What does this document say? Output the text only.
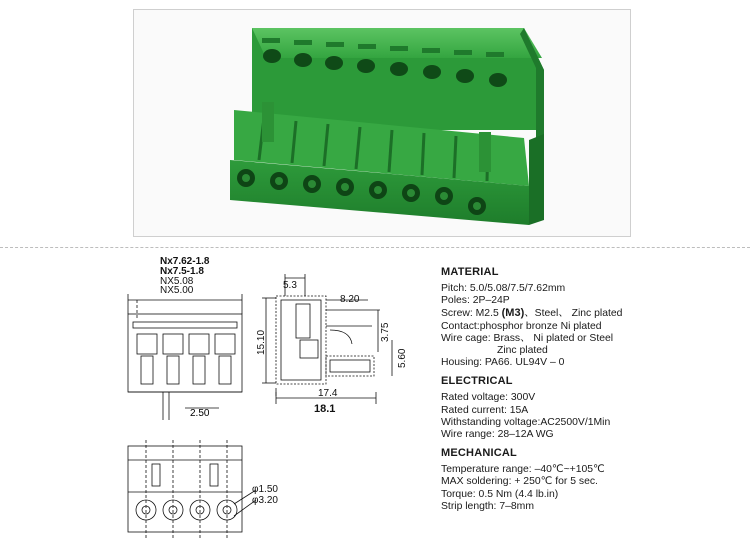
Nx7.62-1.8
Nx7.5-1.8
NX5.08
NX5.00
2.50
5.3
8.20
15.10	3.75
5.60
17.4
18.1
φ1.50
φ3.20
MATERIAL
Pitch: 5.0/5.08/7.5/7.62mm
Poles: 2P–24P
Screw: M2.5 (M3)、Steel、 Zinc plated
Contact:phosphor bronze Ni plated
Wire cage: Brass、 Ni plated or Steel
Zinc plated
Housing: PA66. UL94V – 0
ELECTRICAL
Rated voltage: 300V
Rated current: 15A
Withstanding voltage:AC2500V/1Min
Wire range: 28–12A WG
MECHANICAL
Temperature range: –40℃~+105℃
MAX soldering: + 250℃ for 5 sec.
Torque: 0.5 Nm (4.4 lb.in)
Strip length: 7–8mm
